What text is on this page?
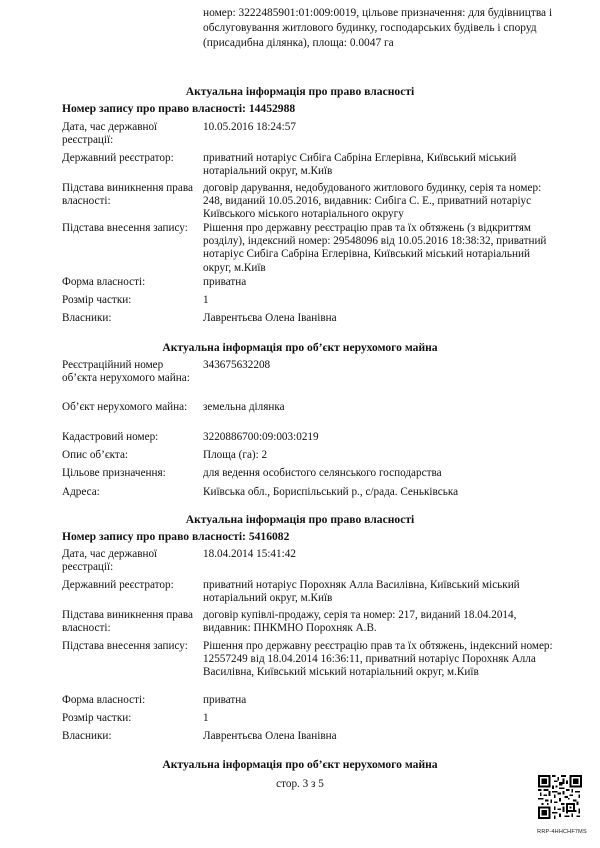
номер: 3222485901:01:009:0019, цільове призначення: для будівництва і обслуговування житлового будинку, господарських будівель і споруд (присадибна ділянка), площа: 0.0047 га
Актуальна інформація про право власності
Номер запису про право власності: 14452988
Дата, час державної реєстрації:
10.05.2016 18:24:57
Державний реєстратор:	приватний нотаріус Сибіга Сабріна Еглерівна, Київський міський нотаріальний округ, м.Київ
Підстава виникнення права власності:
договір дарування, недобудованого житлового будинку, серія та номер: 248, виданий 10.05.2016, видавник: Сибіга С. Е., приватний нотаріус Київського міського нотаріального округу
Підстава внесення запису:	Рішення про державну реєстрацію прав та їх обтяжень (з відкриттям розділу), індексний номер: 29548096 від 10.05.2016 18:38:32, приватний нотаріус Сибіга Сабріна Еглерівна, Київський міський нотаріальний округ, м.Київ
Форма власності:	приватна
Розмір частки:	1
Власники:	Лаврентьєва Олена Іванівна
Актуальна інформація про об’єкт нерухомого майна
Реєстраційний номер об’єкта нерухомого майна:
343675632208
Об’єкт нерухомого майна:	земельна ділянка
Кадастровий номер:	3220886700:09:003:0219
Опис об’єкта:	Площа (га): 2
Цільове призначення:	для ведення особистого селянського господарства
Адреса:	Київська обл., Бориспільський р., с/рада. Сеньківська
Актуальна інформація про право власності
Номер запису про право власності: 5416082
Дата, час державної реєстрації:
18.04.2014 15:41:42
Державний реєстратор:	приватний нотаріус Порохняк Алла Василівна, Київський міський нотаріальний округ, м.Київ
Підстава виникнення права власності:
договір купівлі-продажу, серія та номер: 217, виданий 18.04.2014, видавник: ПНКМНО Порохняк А.В.
Підстава внесення запису:	Рішення про державну реєстрацію прав та їх обтяжень, індексний номер: 12557249 від 18.04.2014 16:36:11, приватний нотаріус Порохняк Алла Василівна, Київський міський нотаріальний округ, м.Київ
Форма власності:	приватна
Розмір частки:	1
Власники:	Лаврентьєва Олена Іванівна
Актуальна інформація про об’єкт нерухомого майна
стор. 3 з 5
RRP-4HHCHF7MS
